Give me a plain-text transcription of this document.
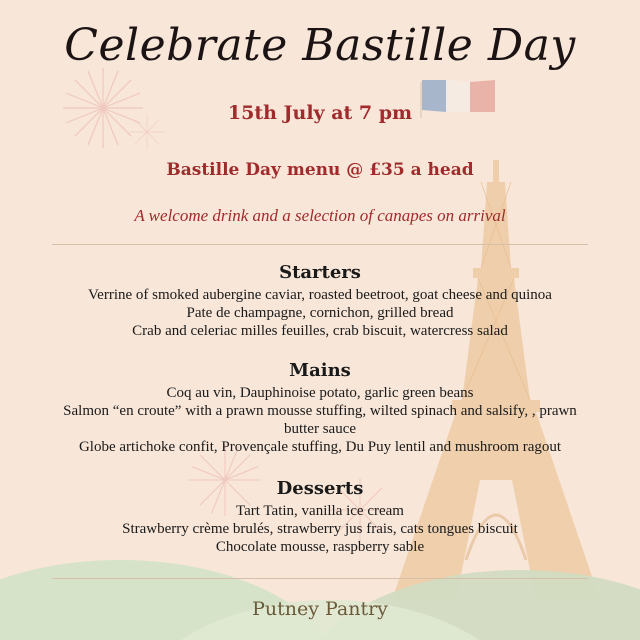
Celebrate Bastille Day
15th July at 7 pm
Bastille Day menu @ £35 a head
A welcome drink and a selection of canapes on arrival
Starters
Verrine of smoked aubergine caviar, roasted beetroot, goat cheese and quinoa
Pate de champagne, cornichon, grilled bread
Crab and celeriac milles feuilles, crab biscuit, watercress salad
Mains
Coq au vin, Dauphinoise potato, garlic green beans
Salmon “en croute” with a prawn mousse stuffing, wilted spinach and salsify, , prawn butter sauce
Globe artichoke confit, Provençale stuffing, Du Puy lentil and mushroom ragout
Desserts
Tart Tatin, vanilla ice cream
Strawberry crème brulés, strawberry jus frais, cats tongues biscuit
Chocolate mousse, raspberry sable
Putney Pantry
